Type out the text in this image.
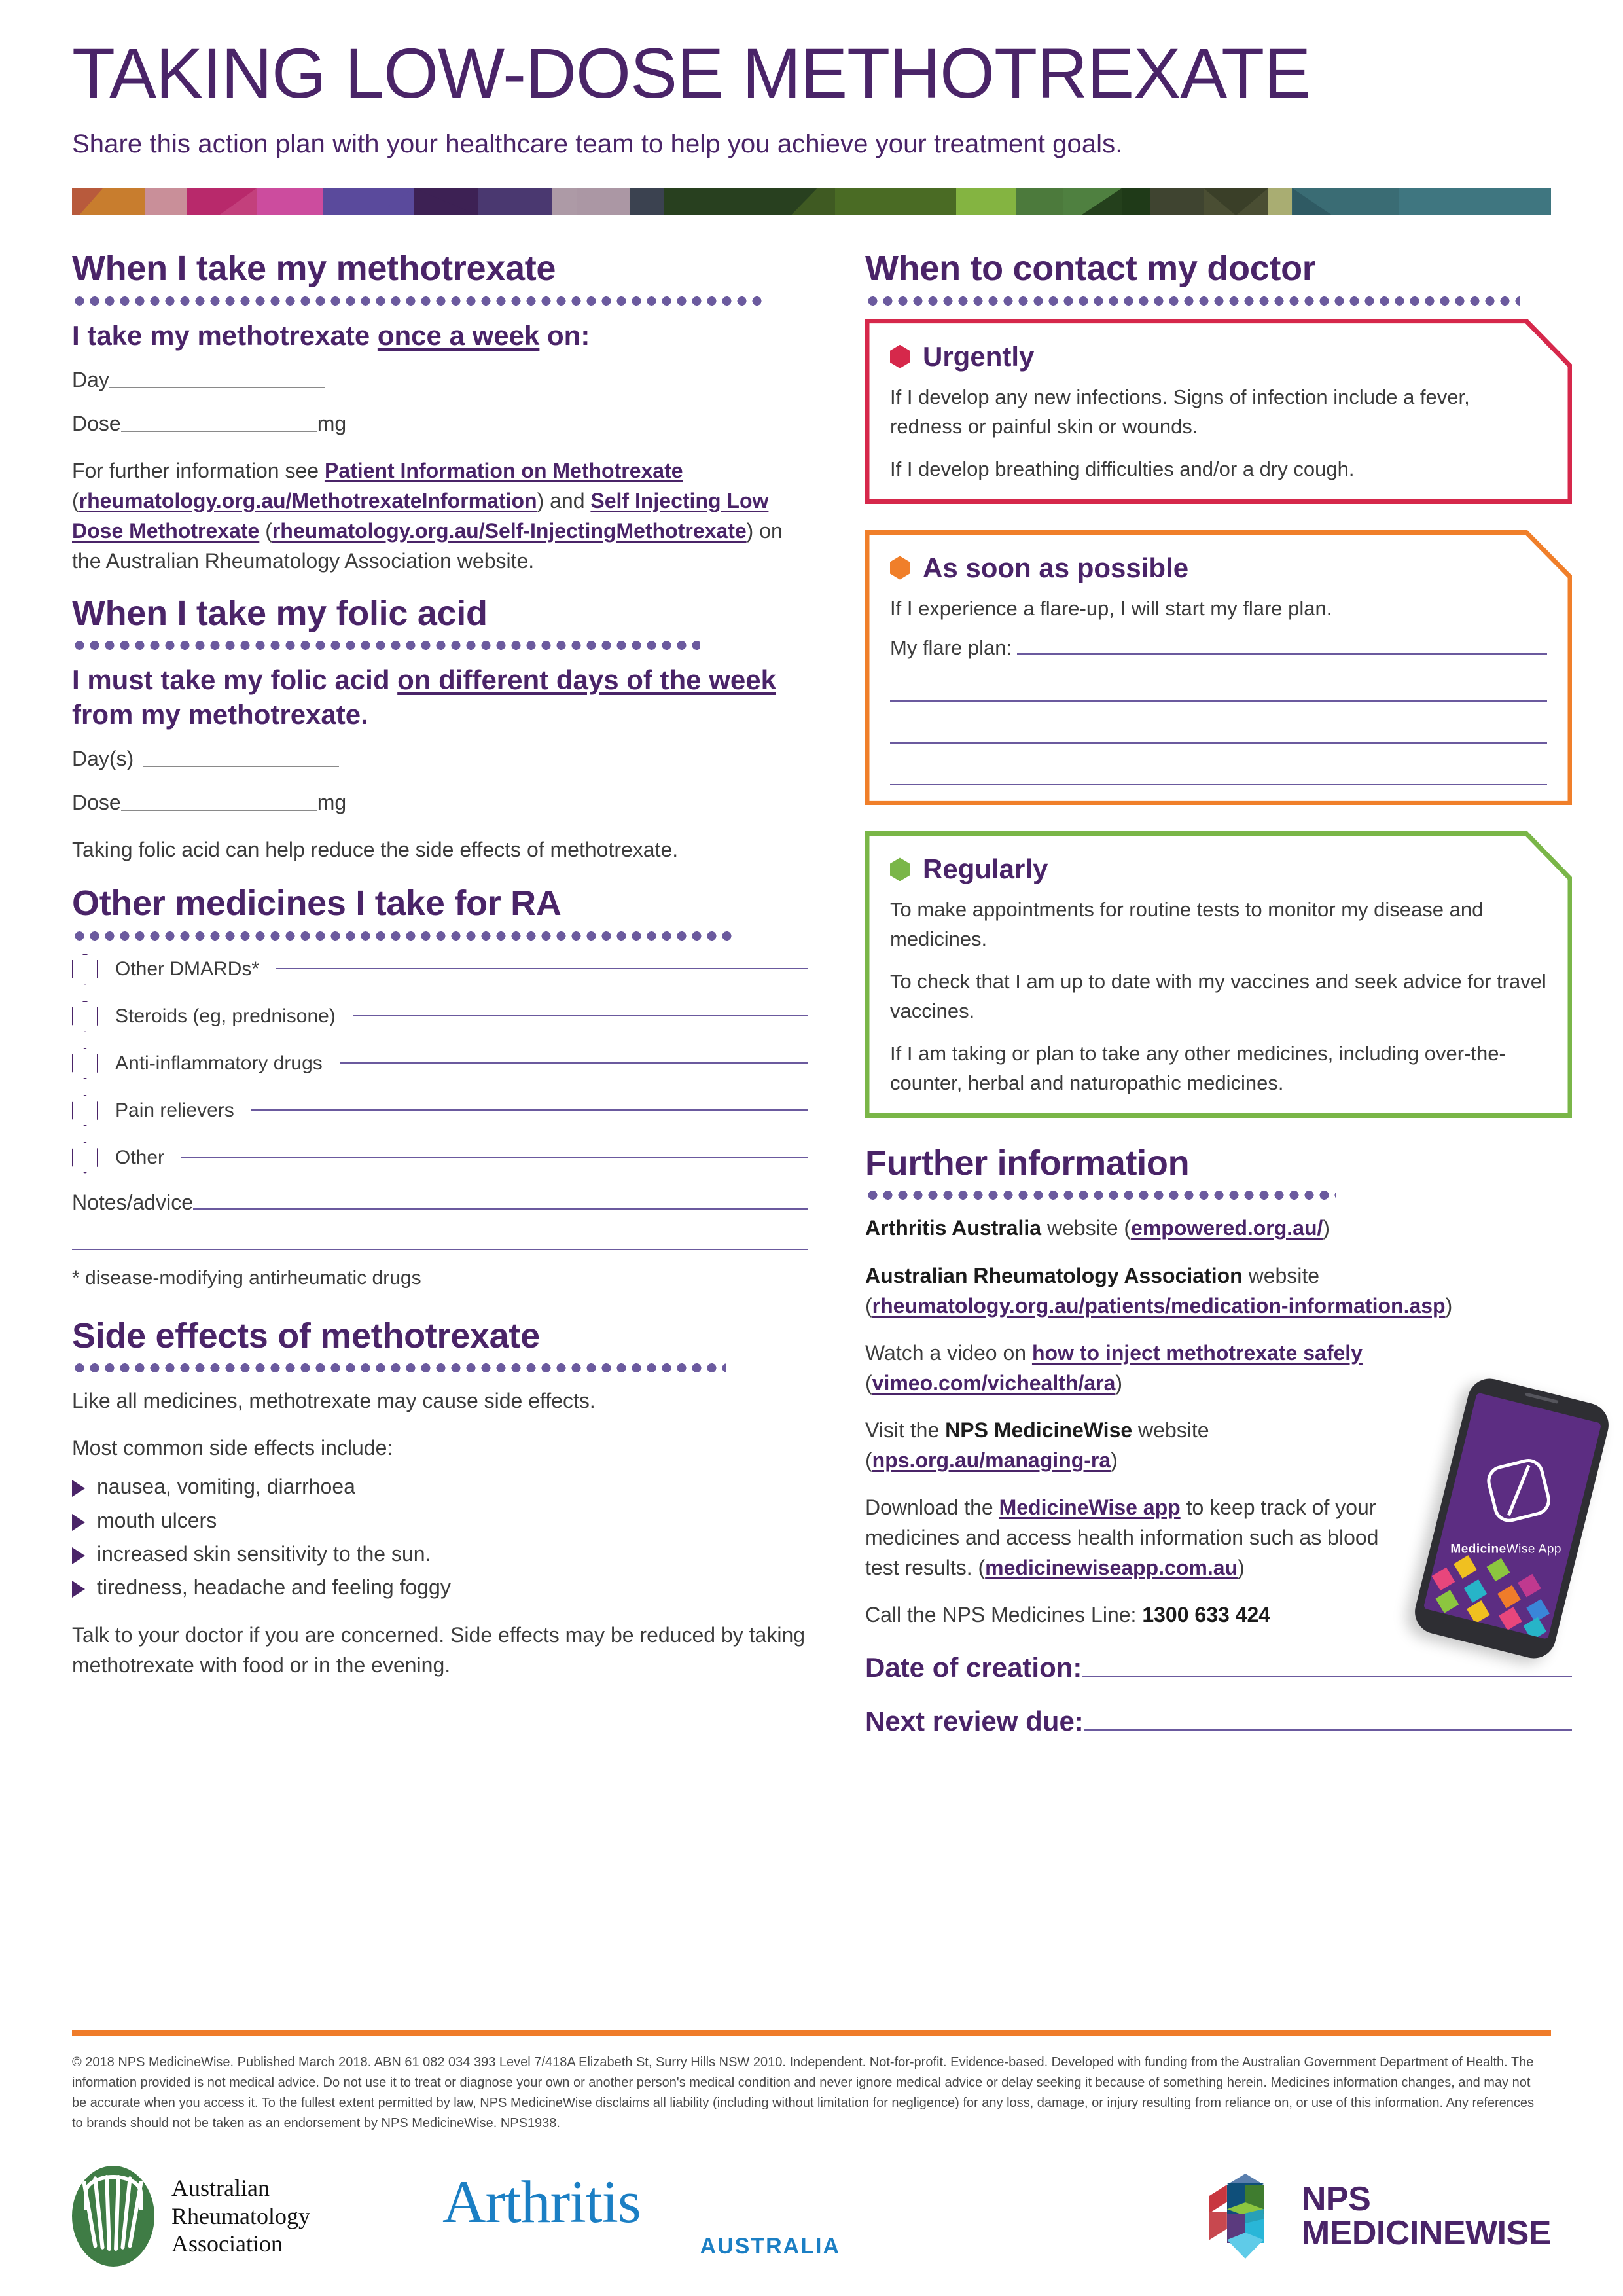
TAKING LOW-DOSE METHOTREXATE
Share this action plan with your healthcare team to help you achieve your treatment goals.
When I take my methotrexate
I take my methotrexate once a week on:
Day
Dose	mg

For further information see Patient Information on Methotrexate (rheumatology.org.au/MethotrexateInformation) and Self Injecting Low Dose Methotrexate (rheumatology.org.au/Self-InjectingMethotrexate) on the Australian Rheumatology Association website.

When I take my folic acid
I must take my folic acid on different days of the week from my methotrexate.
Day(s)
Dose	mg

Taking folic acid can help reduce the side effects of methotrexate.

Other medicines I take for RA
Other DMARDs*
Steroids (eg, prednisone)
Anti-inflammatory drugs
Pain relievers
Other
Notes/advice
* disease-modifying antirheumatic drugs
Side effects of methotrexate

Like all medicines, methotrexate may cause side effects.

Most common side effects include:

nausea, vomiting, diarrhoea
mouth ulcers
increased skin sensitivity to the sun.
tiredness, headache and feeling foggy

Talk to your doctor if you are concerned. Side effects may be reduced by taking methotrexate with food or in the evening.

When to contact my doctor
Urgently

If I develop any new infections. Signs of infection include a fever, redness or painful skin or wounds.

If I develop breathing difficulties and/or a dry cough.

As soon as possible

If I experience a flare-up, I will start my flare plan.

My flare plan:
Regularly

To make appointments for routine tests to monitor my disease and medicines.

To check that I am up to date with my vaccines and seek advice for travel vaccines.

If I am taking or plan to take any other medicines, including over-the-counter, herbal and naturopathic medicines.

Further information

Arthritis Australia website (empowered.org.au/)

Australian Rheumatology Association website (rheumatology.org.au/patients/medication-information.asp)

Watch a video on how to inject methotrexate safely (vimeo.com/vichealth/ara)

Visit the NPS MedicineWise website (nps.org.au/managing-ra)

Download the MedicineWise app to keep track of your medicines and access health information such as blood test results. (medicinewiseapp.com.au)

Call the NPS Medicines Line: 1300 633 424

MedicineWise App
Date of creation:
Next review due:
© 2018 NPS MedicineWise. Published March 2018. ABN 61 082 034 393 Level 7/418A Elizabeth St, Surry Hills NSW 2010. Independent. Not-for-profit. Evidence-based. Developed with funding from the Australian Government Department of Health. The information provided is not medical advice. Do not use it to treat or diagnose your own or another person's medical condition and never ignore medical advice or delay seeking it because of something herein. Medicines information changes, and may not be accurate when you access it. To the fullest extent permitted by law, NPS MedicineWise disclaims all liability (including without limitation for negligence) for any loss, damage, or injury resulting from reliance on, or use of this information. Any references to brands should not be taken as an endorsement by NPS MedicineWise. NPS1938.
Australian
Rheumatology
Association
Arthritis
AUSTRALIA
NPS
MEDICINEWISE
